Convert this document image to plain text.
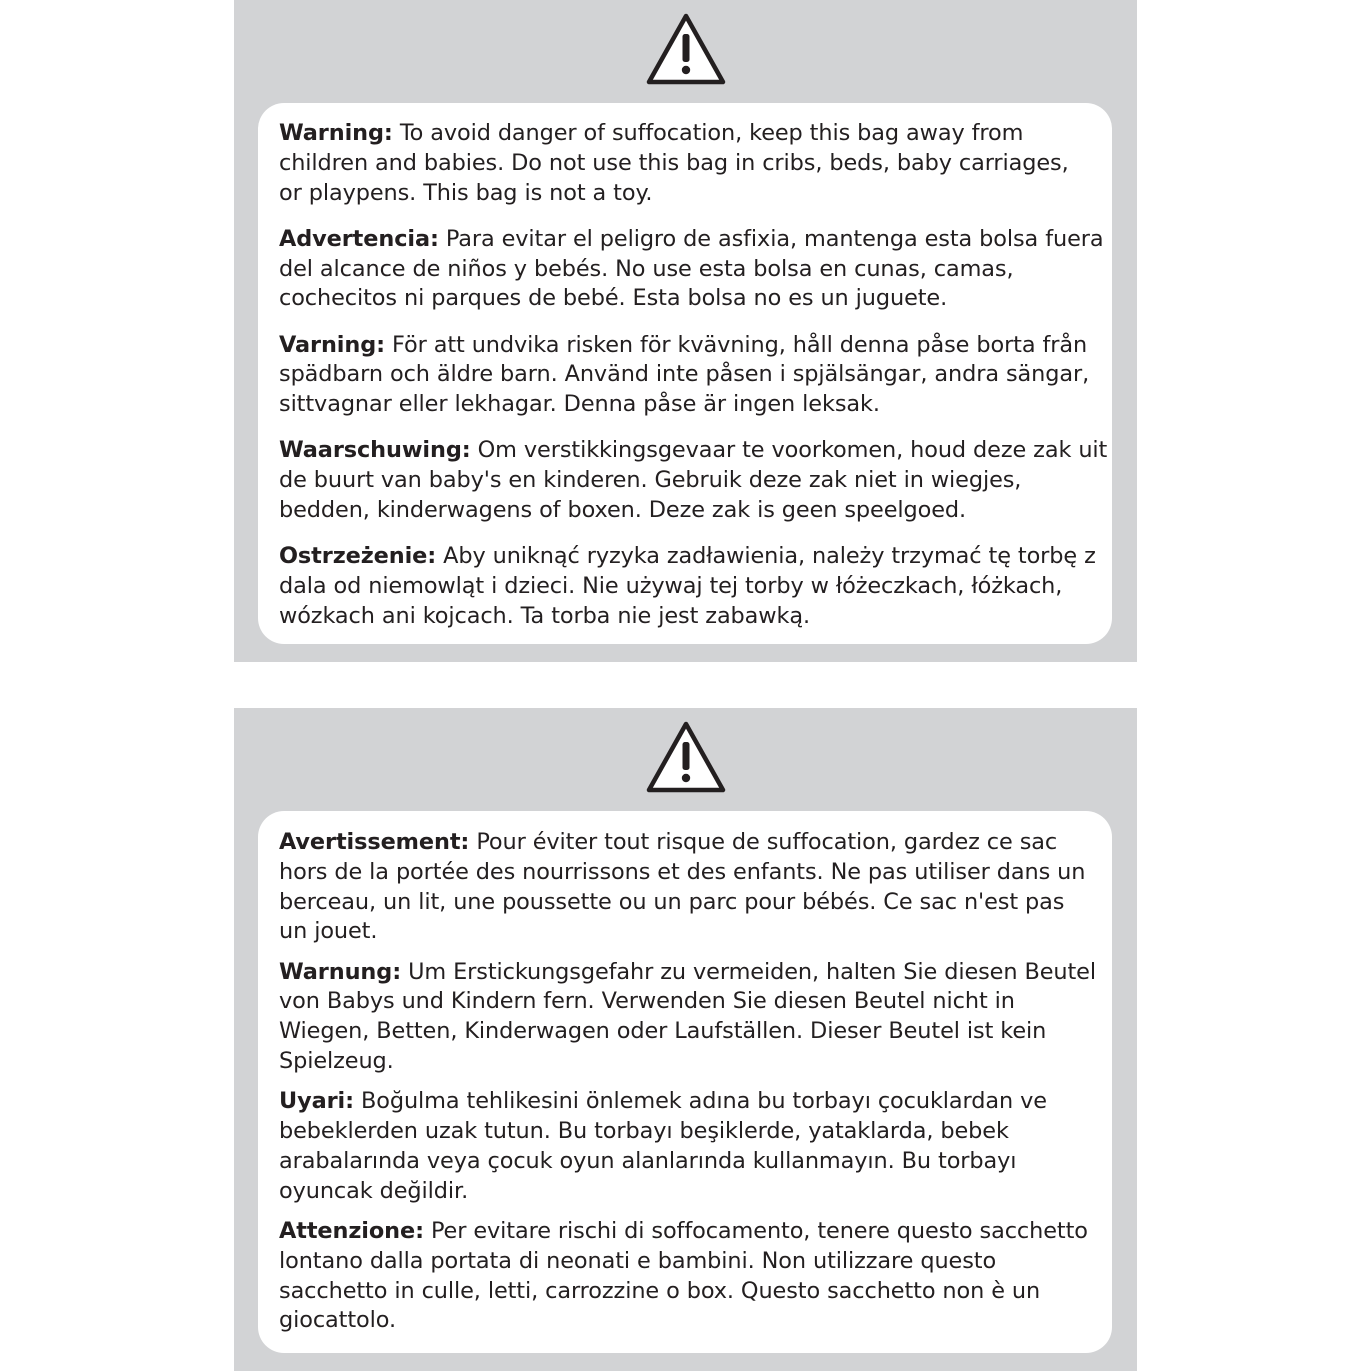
Warning: To avoid danger of suffocation, keep this bag away from
children and babies. Do not use this bag in cribs, beds, baby carriages,
or playpens. This bag is not a toy.
Advertencia: Para evitar el peligro de asfixia, mantenga esta bolsa fuera
del alcance de niños y bebés. No use esta bolsa en cunas, camas,
cochecitos ni parques de bebé. Esta bolsa no es un juguete.
Varning: För att undvika risken för kvävning, håll denna påse borta från
spädbarn och äldre barn. Använd inte påsen i spjälsängar, andra sängar,
sittvagnar eller lekhagar. Denna påse är ingen leksak.
Waarschuwing: Om verstikkingsgevaar te voorkomen, houd deze zak uit
de buurt van baby's en kinderen. Gebruik deze zak niet in wiegjes,
bedden, kinderwagens of boxen. Deze zak is geen speelgoed.
Ostrzeżenie: Aby uniknąć ryzyka zadławienia, należy trzymać tę torbę z
dala od niemowląt i dzieci. Nie używaj tej torby w łóżeczkach, łóżkach,
wózkach ani kojcach. Ta torba nie jest zabawką.
Avertissement: Pour éviter tout risque de suffocation, gardez ce sac
hors de la portée des nourrissons et des enfants. Ne pas utiliser dans un
berceau, un lit, une poussette ou un parc pour bébés. Ce sac n'est pas
un jouet.
Warnung: Um Erstickungsgefahr zu vermeiden, halten Sie diesen Beutel
von Babys und Kindern fern. Verwenden Sie diesen Beutel nicht in
Wiegen, Betten, Kinderwagen oder Laufställen. Dieser Beutel ist kein
Spielzeug.
Uyari: Boğulma tehlikesini önlemek adına bu torbayı çocuklardan ve
bebeklerden uzak tutun. Bu torbayı beşiklerde, yataklarda, bebek
arabalarında veya çocuk oyun alanlarında kullanmayın. Bu torbayı
oyuncak değildir.
Attenzione: Per evitare rischi di soffocamento, tenere questo sacchetto
lontano dalla portata di neonati e bambini. Non utilizzare questo
sacchetto in culle, letti, carrozzine o box. Questo sacchetto non è un
giocattolo.
